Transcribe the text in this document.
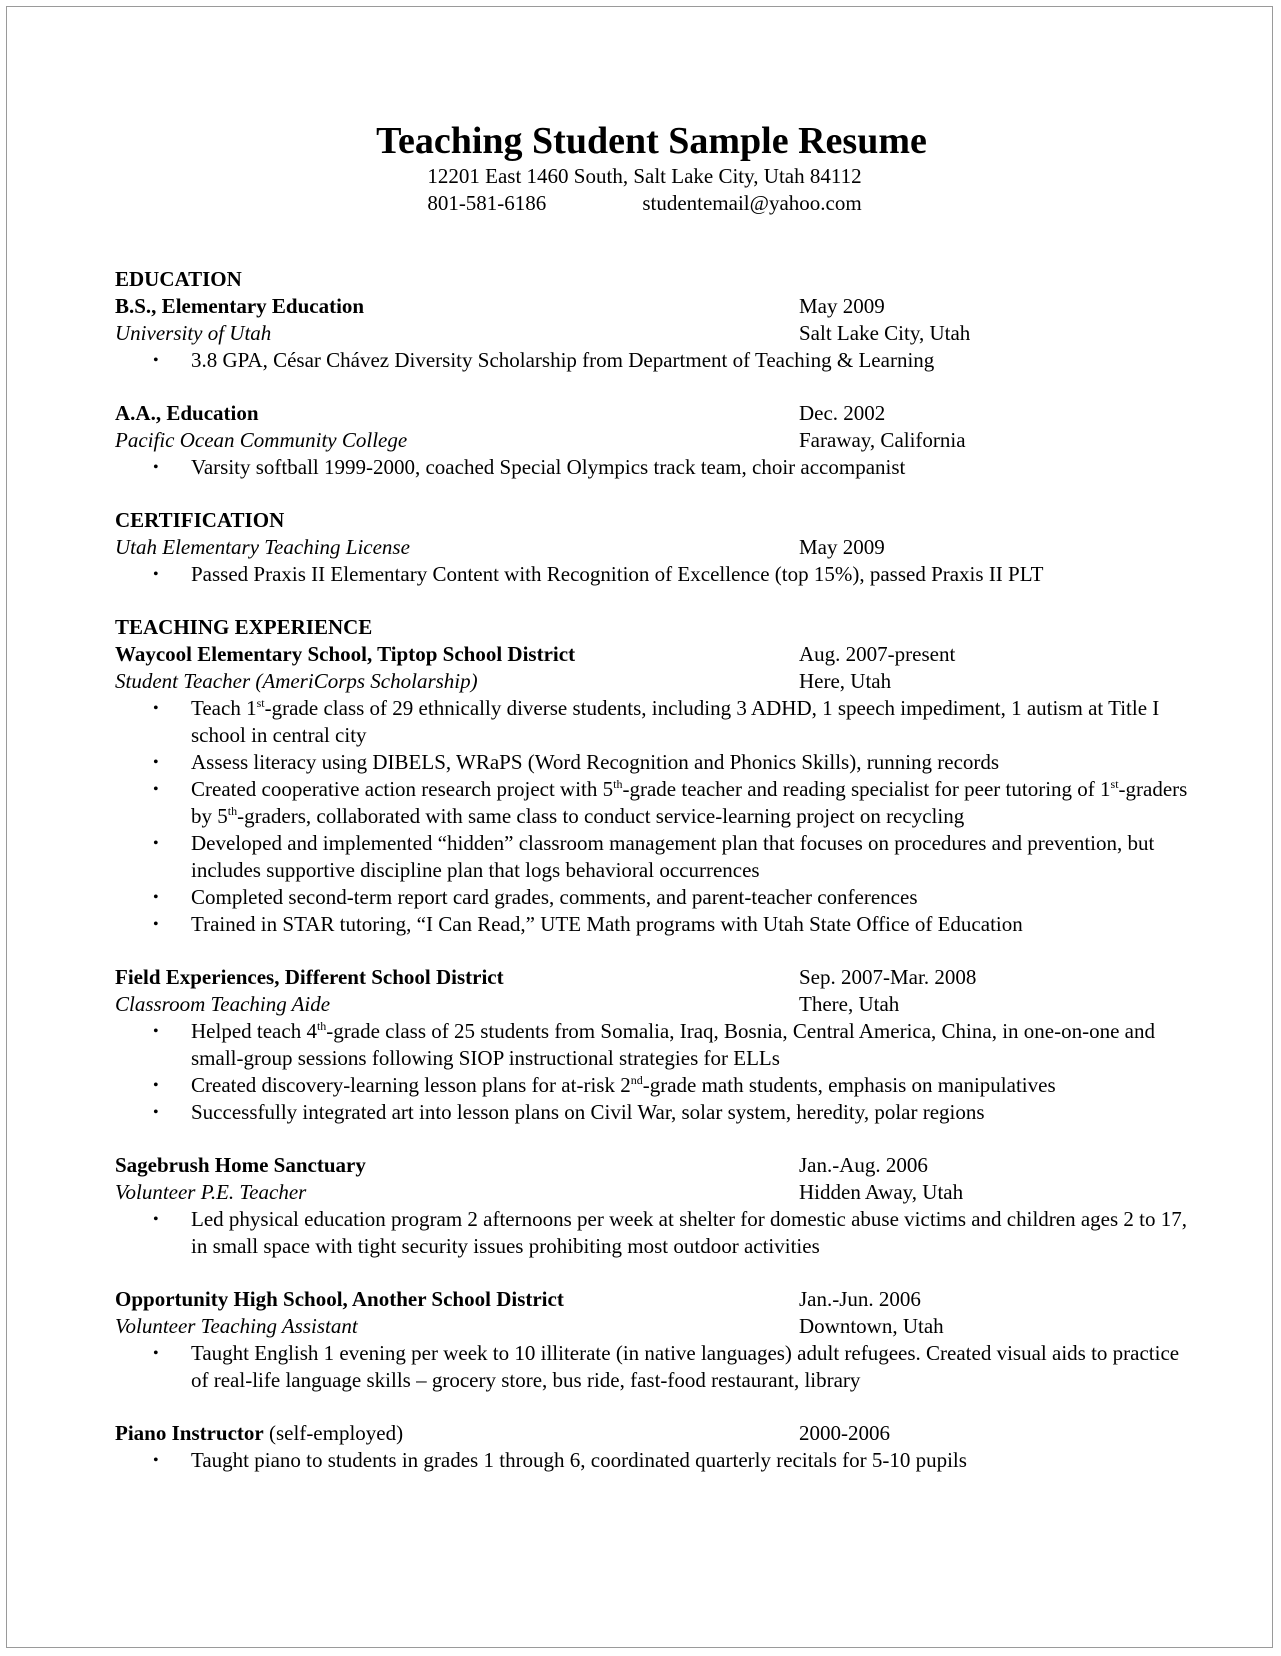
Teaching Student Sample Resume
12201 East 1460 South, Salt Lake City, Utah 84112
801-581-6186	studentemail@yahoo.com
EDUCATION
B.S., Elementary Education	May 2009
University of Utah	Salt Lake City, Utah
• 3.8 GPA, César Chávez Diversity Scholarship from Department of Teaching & Learning
A.A., Education	Dec. 2002
Pacific Ocean Community College	Faraway, California
• Varsity softball 1999-2000, coached Special Olympics track team, choir accompanist
CERTIFICATION
Utah Elementary Teaching License	May 2009
• Passed Praxis II Elementary Content with Recognition of Excellence (top 15%), passed Praxis II PLT
TEACHING EXPERIENCE
Waycool Elementary School, Tiptop School District	Aug. 2007-present
Student Teacher (AmeriCorps Scholarship)	Here, Utah
• Teach 1st-grade class of 29 ethnically diverse students, including 3 ADHD, 1 speech impediment, 1 autism at Title I school in central city
• Assess literacy using DIBELS, WRaPS (Word Recognition and Phonics Skills), running records
• Created cooperative action research project with 5th-grade teacher and reading specialist for peer tutoring of 1st-graders by 5th-graders, collaborated with same class to conduct service-learning project on recycling
• Developed and implemented “hidden” classroom management plan that focuses on procedures and prevention, but includes supportive discipline plan that logs behavioral occurrences
• Completed second-term report card grades, comments, and parent-teacher conferences
• Trained in STAR tutoring, “I Can Read,” UTE Math programs with Utah State Office of Education
Field Experiences, Different School District	Sep. 2007-Mar. 2008
Classroom Teaching Aide	There, Utah
• Helped teach 4th-grade class of 25 students from Somalia, Iraq, Bosnia, Central America, China, in one-on-one and small-group sessions following SIOP instructional strategies for ELLs
• Created discovery-learning lesson plans for at-risk 2nd-grade math students, emphasis on manipulatives
• Successfully integrated art into lesson plans on Civil War, solar system, heredity, polar regions
Sagebrush Home Sanctuary	Jan.-Aug. 2006
Volunteer P.E. Teacher	Hidden Away, Utah
• Led physical education program 2 afternoons per week at shelter for domestic abuse victims and children ages 2 to 17, in small space with tight security issues prohibiting most outdoor activities
Opportunity High School, Another School District	Jan.-Jun. 2006
Volunteer Teaching Assistant	Downtown, Utah
• Taught English 1 evening per week to 10 illiterate (in native languages) adult refugees. Created visual aids to practice of real-life language skills – grocery store, bus ride, fast-food restaurant, library
Piano Instructor (self-employed)	2000-2006
• Taught piano to students in grades 1 through 6, coordinated quarterly recitals for 5-10 pupils
